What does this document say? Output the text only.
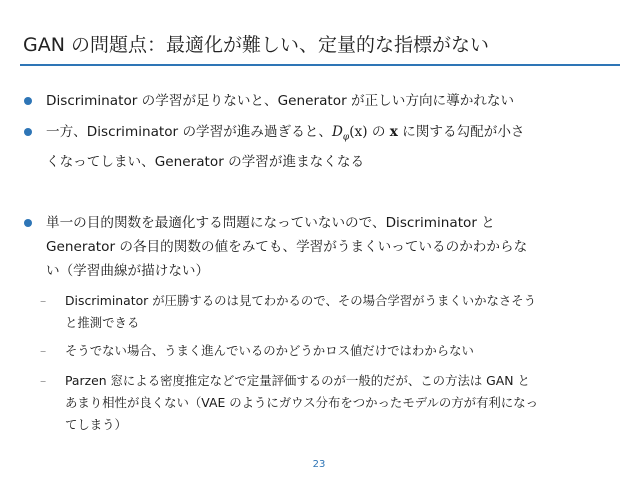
GAN の問題点：最適化が難しい、定量的な指標がない
Discriminator の学習が足りないと、Generator が正しい方向に導かれない
一方、Discriminator の学習が進み過ぎると、$D_\varphi(x)$ の x に関する勾配が小さ
くなってしまい、Generator の学習が進まなくなる
単一の目的関数を最適化する問題になっていないので、Discriminator と
Generator の各目的関数の値をみても、学習がうまくいっているのかわからな
い（学習曲線が描けない）
– Discriminator が圧勝するのは見てわかるので、その場合学習がうまくいかなさそう
と推測できる
– そうでない場合、うまく進んでいるのかどうかロス値だけではわからない
– Parzen 窓による密度推定などで定量評価するのが一般的だが、この方法は GAN と
あまり相性が良くない（VAE のようにガウス分布をつかったモデルの方が有利になっ
てしまう）
23
